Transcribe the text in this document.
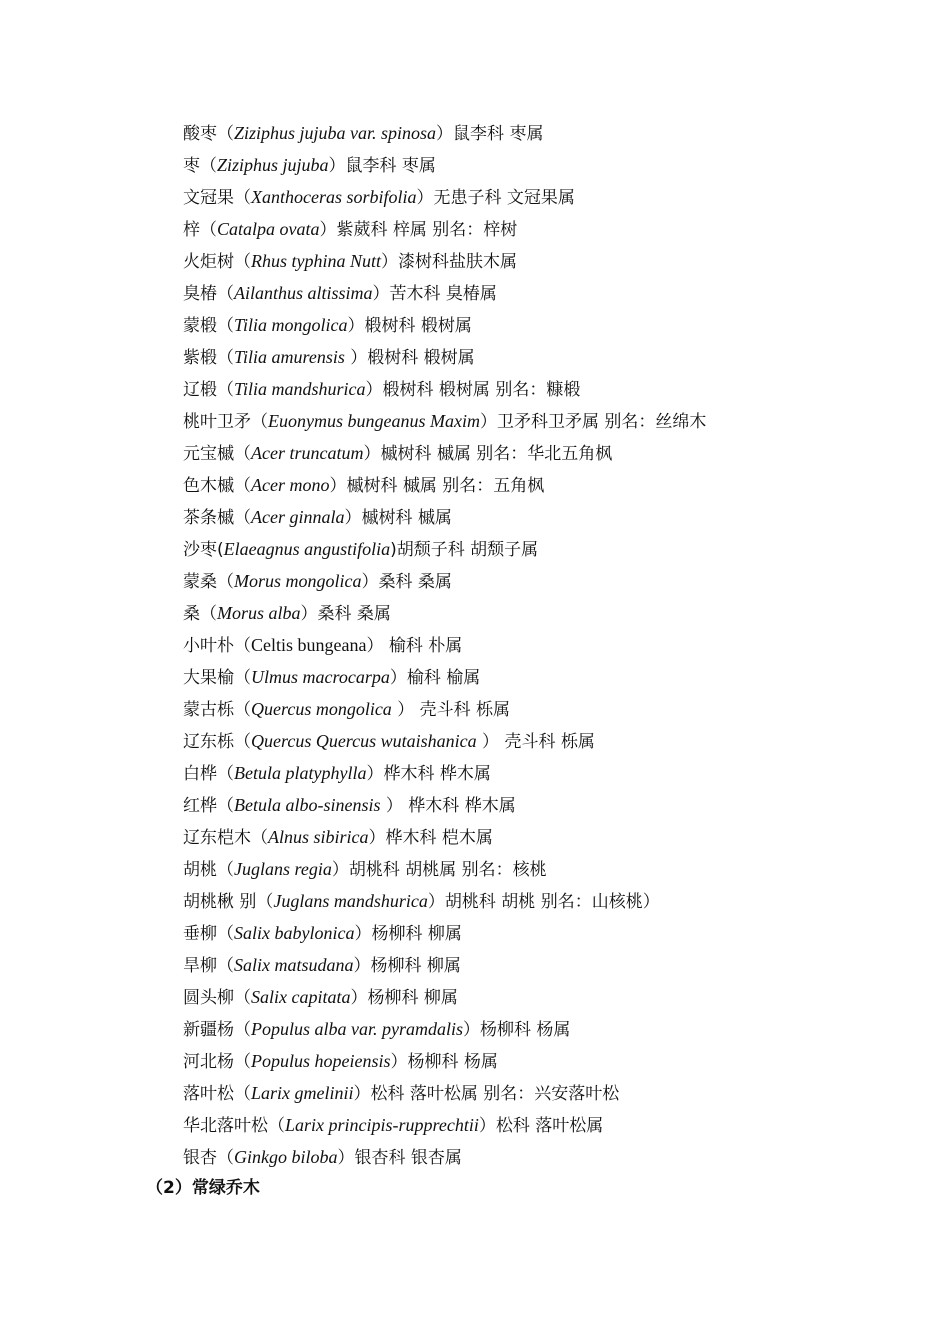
酸枣（Ziziphus jujuba var. spinosa）鼠李科 枣属
枣（Ziziphus jujuba）鼠李科 枣属
文冠果（Xanthoceras sorbifolia）无患子科 文冠果属
梓（Catalpa ovata）紫葳科 梓属 别名：梓树
火炬树（Rhus typhina Nutt）漆树科盐肤木属
臭椿（Ailanthus altissima）苦木科 臭椿属
蒙椴（Tilia mongolica）椴树科 椴树属
紫椴（Tilia amurensis ）椴树科 椴树属
辽椴（Tilia mandshurica）椴树科 椴树属 别名：糠椴
桃叶卫矛（Euonymus bungeanus Maxim）卫矛科卫矛属 别名：丝绵木
元宝槭（Acer truncatum）槭树科 槭属 别名：华北五角枫
色木槭（Acer mono）槭树科 槭属 别名：五角枫
茶条槭（Acer ginnala）槭树科 槭属
沙枣(Elaeagnus angustifolia)胡颓子科 胡颓子属
蒙桑（Morus mongolica）桑科 桑属
桑（Morus alba）桑科 桑属
小叶朴（Celtis bungeana） 榆科 朴属
大果榆（Ulmus macrocarpa）榆科 榆属
蒙古栎（Quercus mongolica ） 壳斗科 栎属
辽东栎（Quercus Quercus wutaishanica ） 壳斗科 栎属
白桦（Betula platyphylla）桦木科 桦木属
红桦（Betula albo-sinensis ） 桦木科 桦木属
辽东桤木（Alnus sibirica）桦木科 桤木属
胡桃（Juglans regia）胡桃科 胡桃属 别名：核桃
胡桃楸 别（Juglans mandshurica）胡桃科 胡桃 别名：山核桃）
垂柳（Salix babylonica）杨柳科 柳属
旱柳（Salix matsudana）杨柳科 柳属
圆头柳（Salix capitata）杨柳科 柳属
新疆杨（Populus alba var. pyramdalis）杨柳科 杨属
河北杨（Populus hopeiensis）杨柳科 杨属
落叶松（Larix gmelinii）松科 落叶松属 别名：兴安落叶松
华北落叶松（Larix principis-rupprechtii）松科 落叶松属
银杏（Ginkgo biloba）银杏科 银杏属
（2）常绿乔木
